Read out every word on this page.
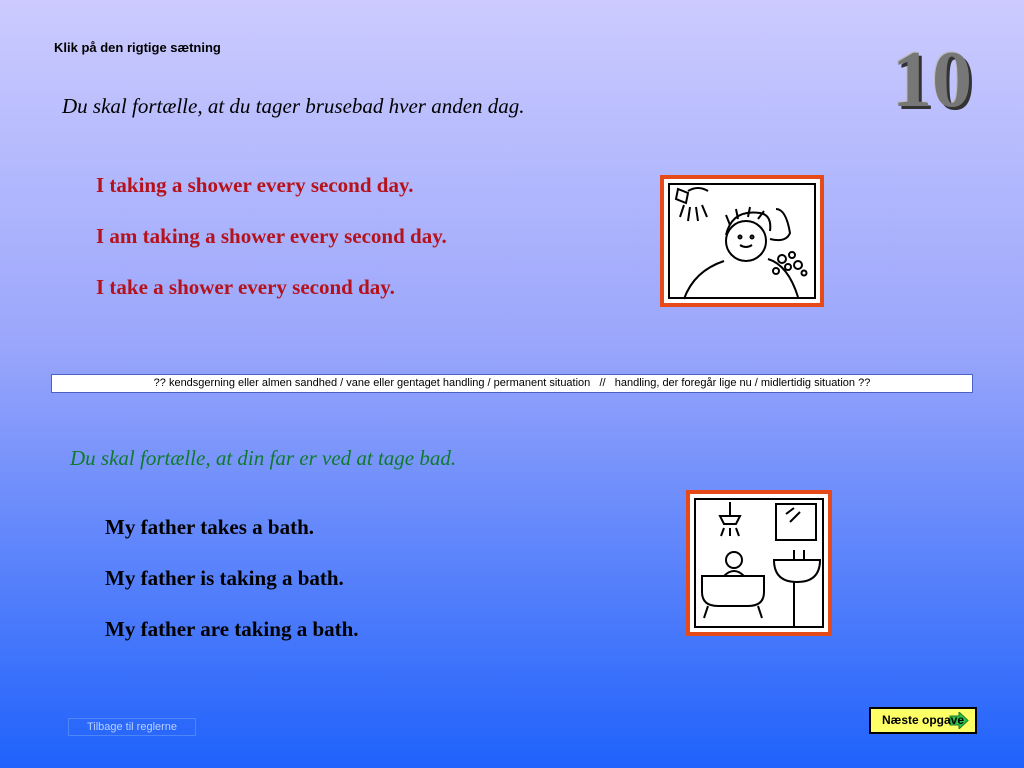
Klik på den rigtige sætning	10
Du skal fortælle, at du tager brusebad hver anden dag.
I taking a shower every second day.
I am taking a shower every second day.
I take a shower every second day.
?? kendsgerning eller almen sandhed / vane eller gentaget handling / permanent situation   //   handling, der foregår lige nu / midlertidig situation ??
Du skal fortælle, at din far er ved at tage bad.
My father takes a bath.
My father is taking a bath.
My father are taking a bath.
Tilbage til reglerne	Næste opgave
